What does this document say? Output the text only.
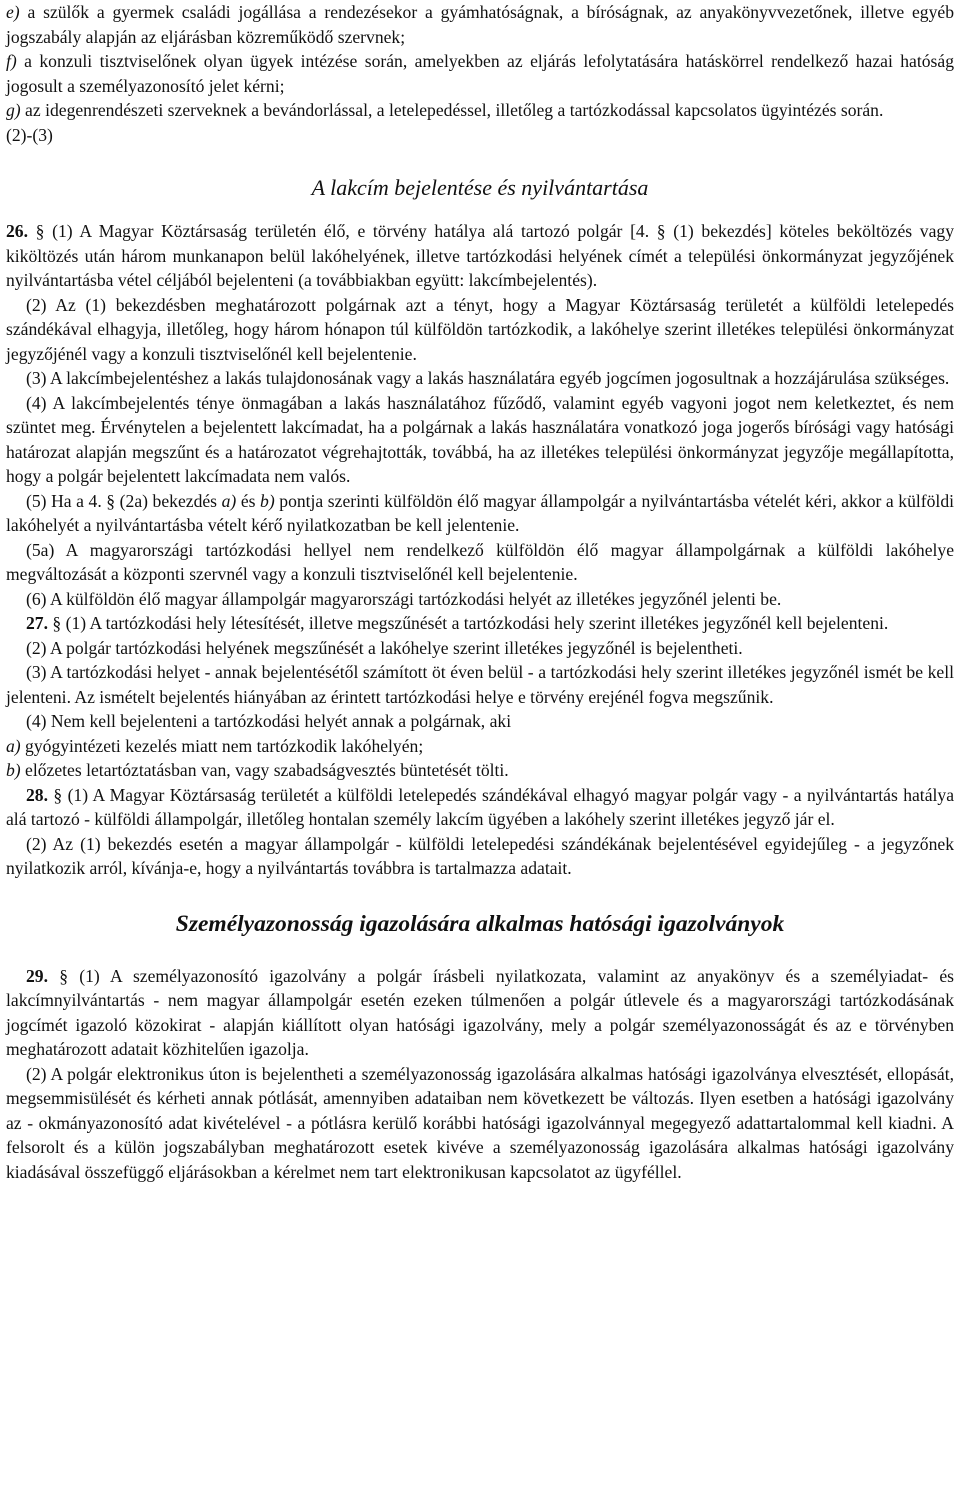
e) a szülők a gyermek családi jogállása a rendezésekor a gyámhatóságnak, a bíróságnak, az anyakönyvvezetőnek, illetve egyéb jogszabály alapján az eljárásban közreműködő szervnek;

f) a konzuli tisztviselőnek olyan ügyek intézése során, amelyekben az eljárás lefolytatására hatáskörrel rendelkező hazai hatóság jogosult a személyazonosító jelet kérni;

g) az idegenrendészeti szerveknek a bevándorlással, a letelepedéssel, illetőleg a tartózkodással kapcsolatos ügyintézés során.

(2)-(3)

A lakcím bejelentése és nyilvántartása

26. § (1) A Magyar Köztársaság területén élő, e törvény hatálya alá tartozó polgár [4. § (1) bekezdés] köteles beköltözés vagy kiköltözés után három munkanapon belül lakóhelyének, illetve tartózkodási helyének címét a települési önkormányzat jegyzőjének nyilvántartásba vétel céljából bejelenteni (a továbbiakban együtt: lakcímbejelentés).

(2) Az (1) bekezdésben meghatározott polgárnak azt a tényt, hogy a Magyar Köztársaság területét a külföldi letelepedés szándékával elhagyja, illetőleg, hogy három hónapon túl külföldön tartózkodik, a lakóhelye szerint illetékes települési önkormányzat jegyzőjénél vagy a konzuli tisztviselőnél kell bejelentenie.

(3) A lakcímbejelentéshez a lakás tulajdonosának vagy a lakás használatára egyéb jogcímen jogosultnak a hozzájárulása szükséges.

(4) A lakcímbejelentés ténye önmagában a lakás használatához fűződő, valamint egyéb vagyoni jogot nem keletkeztet, és nem szüntet meg. Érvénytelen a bejelentett lakcímadat, ha a polgárnak a lakás használatára vonatkozó joga jogerős bírósági vagy hatósági határozat alapján megszűnt és a határozatot végrehajtották, továbbá, ha az illetékes települési önkormányzat jegyzője megállapította, hogy a polgár bejelentett lakcímadata nem valós.

(5) Ha a 4. § (2a) bekezdés a) és b) pontja szerinti külföldön élő magyar állampolgár a nyilvántartásba vételét kéri, akkor a külföldi lakóhelyét a nyilvántartásba vételt kérő nyilatkozatban be kell jelentenie.

(5a) A magyarországi tartózkodási hellyel nem rendelkező külföldön élő magyar állampolgárnak a külföldi lakóhelye megváltozását a központi szervnél vagy a konzuli tisztviselőnél kell bejelentenie.

(6) A külföldön élő magyar állampolgár magyarországi tartózkodási helyét az illetékes jegyzőnél jelenti be.

27. § (1) A tartózkodási hely létesítését, illetve megszűnését a tartózkodási hely szerint illetékes jegyzőnél kell bejelenteni.

(2) A polgár tartózkodási helyének megszűnését a lakóhelye szerint illetékes jegyzőnél is bejelentheti.

(3) A tartózkodási helyet - annak bejelentésétől számított öt éven belül - a tartózkodási hely szerint illetékes jegyzőnél ismét be kell jelenteni. Az ismételt bejelentés hiányában az érintett tartózkodási helye e törvény erejénél fogva megszűnik.

(4) Nem kell bejelenteni a tartózkodási helyét annak a polgárnak, aki

a) gyógyintézeti kezelés miatt nem tartózkodik lakóhelyén;

b) előzetes letartóztatásban van, vagy szabadságvesztés büntetését tölti.

28. § (1) A Magyar Köztársaság területét a külföldi letelepedés szándékával elhagyó magyar polgár vagy - a nyilvántartás hatálya alá tartozó - külföldi állampolgár, illetőleg hontalan személy lakcím ügyében a lakóhely szerint illetékes jegyző jár el.

(2) Az (1) bekezdés esetén a magyar állampolgár - külföldi letelepedési szándékának bejelentésével egyidejűleg - a jegyzőnek nyilatkozik arról, kívánja-e, hogy a nyilvántartás továbbra is tartalmazza adatait.

Személyazonosság igazolására alkalmas hatósági igazolványok

29. § (1) A személyazonosító igazolvány a polgár írásbeli nyilatkozata, valamint az anyakönyv és a személyiadat- és lakcímnyilvántartás - nem magyar állampolgár esetén ezeken túlmenően a polgár útlevele és a magyarországi tartózkodásának jogcímét igazoló közokirat - alapján kiállított olyan hatósági igazolvány, mely a polgár személyazonosságát és az e törvényben meghatározott adatait közhitelűen igazolja.

(2) A polgár elektronikus úton is bejelentheti a személyazonosság igazolására alkalmas hatósági igazolványa elvesztését, ellopását, megsemmisülését és kérheti annak pótlását, amennyiben adataiban nem következett be változás. Ilyen esetben a hatósági igazolvány az - okmányazonosító adat kivételével - a pótlásra kerülő korábbi hatósági igazolvánnyal megegyező adattartalommal kell kiadni. A felsorolt és a külön jogszabályban meghatározott esetek kivéve a személyazonosság igazolására alkalmas hatósági igazolvány kiadásával összefüggő eljárásokban a kérelmet nem tart elektronikusan kapcsolatot az ügyféllel.
